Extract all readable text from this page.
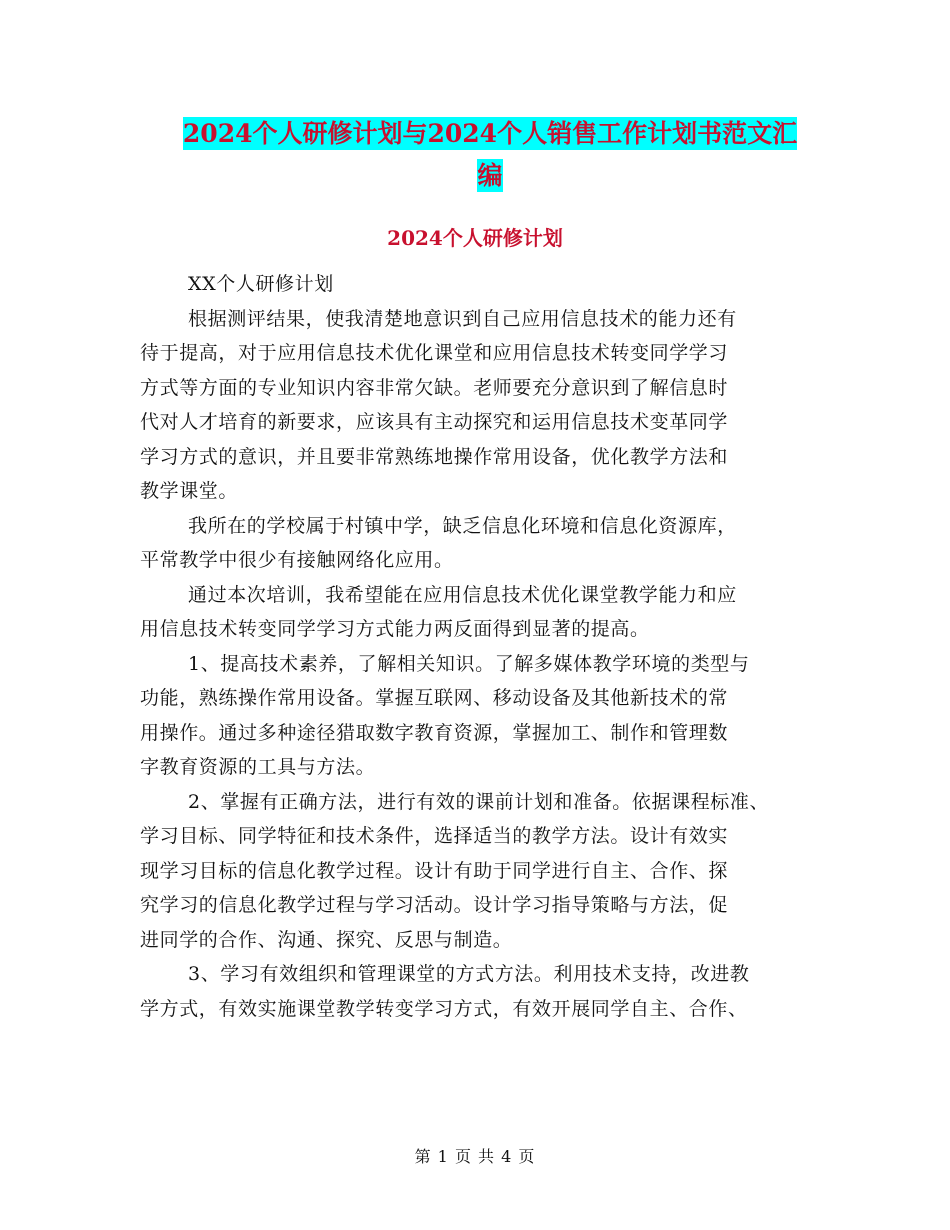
2024个人研修计划与2024个人销售工作计划书范文汇
编
2024个人研修计划
XX个人研修计划
根据测评结果，使我清楚地意识到自己应用信息技术的能力还有
待于提高，对于应用信息技术优化课堂和应用信息技术转变同学学习
方式等方面的专业知识内容非常欠缺。老师要充分意识到了解信息时
代对人才培育的新要求，应该具有主动探究和运用信息技术变革同学
学习方式的意识，并且要非常熟练地操作常用设备，优化教学方法和
教学课堂。
我所在的学校属于村镇中学，缺乏信息化环境和信息化资源库，
平常教学中很少有接触网络化应用。
通过本次培训，我希望能在应用信息技术优化课堂教学能力和应
用信息技术转变同学学习方式能力两反面得到显著的提高。
1、提高技术素养，了解相关知识。了解多媒体教学环境的类型与
功能，熟练操作常用设备。掌握互联网、移动设备及其他新技术的常
用操作。通过多种途径猎取数字教育资源，掌握加工、制作和管理数
字教育资源的工具与方法。
2、掌握有正确方法，进行有效的课前计划和准备。依据课程标准、
学习目标、同学特征和技术条件，选择适当的教学方法。设计有效实
现学习目标的信息化教学过程。设计有助于同学进行自主、合作、探
究学习的信息化教学过程与学习活动。设计学习指导策略与方法，促
进同学的合作、沟通、探究、反思与制造。
3、学习有效组织和管理课堂的方式方法。利用技术支持，改进教
学方式，有效实施课堂教学转变学习方式，有效开展同学自主、合作、
第 1 页 共 4 页
